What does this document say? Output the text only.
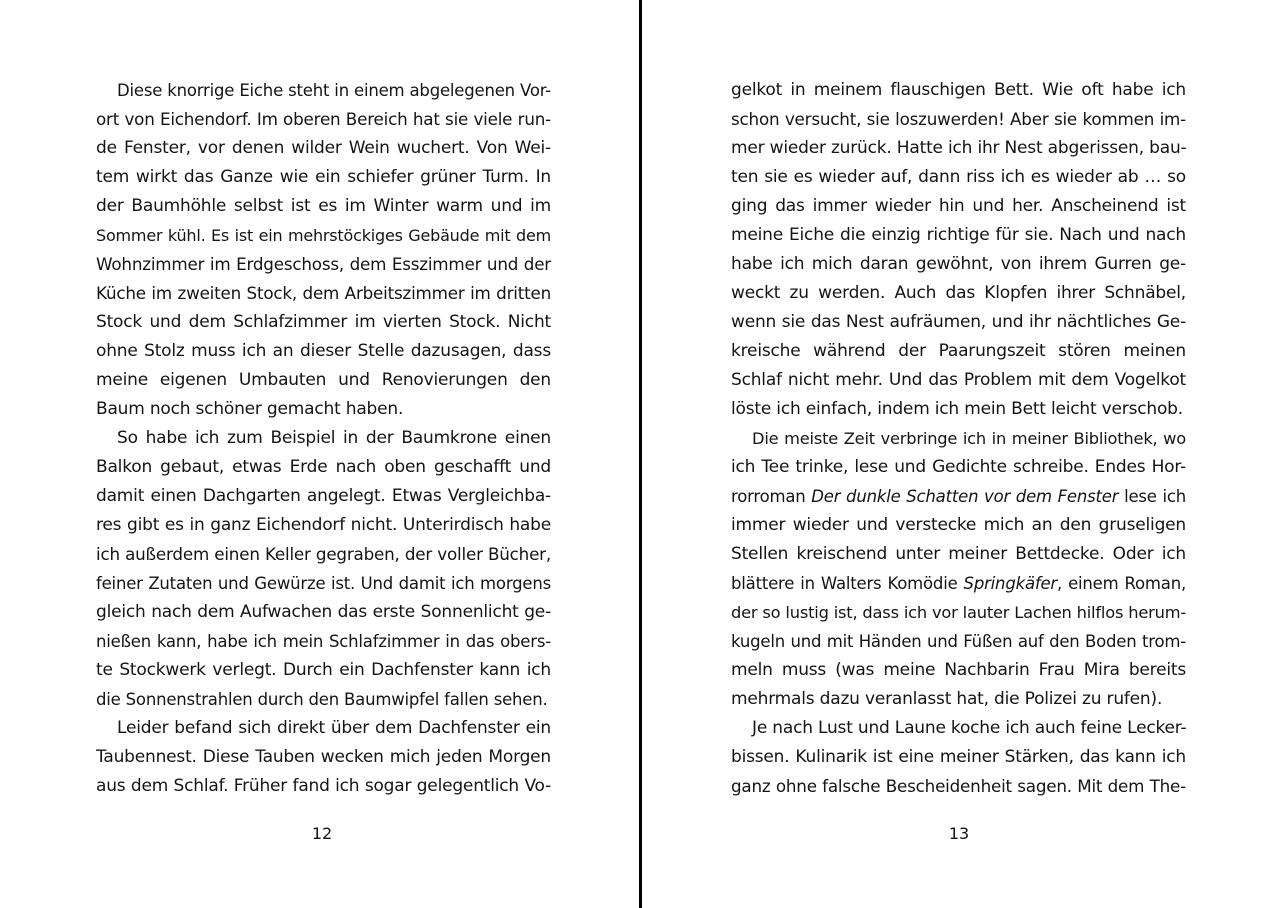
Diese knorrige Eiche steht in einem abgelegenen Vor-
ort von Eichendorf. Im oberen Bereich hat sie viele run-
de Fenster, vor denen wilder Wein wuchert. Von Wei-
tem wirkt das Ganze wie ein schiefer grüner Turm. In
der Baumhöhle selbst ist es im Winter warm und im
Sommer kühl. Es ist ein mehrstöckiges Gebäude mit dem
Wohnzimmer im Erdgeschoss, dem Esszimmer und der
Küche im zweiten Stock, dem Arbeitszimmer im dritten
Stock und dem Schlafzimmer im vierten Stock. Nicht
ohne Stolz muss ich an dieser Stelle dazusagen, dass
meine eigenen Umbauten und Renovierungen den
Baum noch schöner gemacht haben.
So habe ich zum Beispiel in der Baumkrone einen
Balkon gebaut, etwas Erde nach oben geschafft und
damit einen Dachgarten angelegt. Etwas Vergleichba-
res gibt es in ganz Eichendorf nicht. Unterirdisch habe
ich außerdem einen Keller gegraben, der voller Bücher,
feiner Zutaten und Gewürze ist. Und damit ich morgens
gleich nach dem Aufwachen das erste Sonnenlicht ge-
nießen kann, habe ich mein Schlafzimmer in das obers-
te Stockwerk verlegt. Durch ein Dachfenster kann ich
die Sonnenstrahlen durch den Baumwipfel fallen sehen.
Leider befand sich direkt über dem Dachfenster ein
Taubennest. Diese Tauben wecken mich jeden Morgen
aus dem Schlaf. Früher fand ich sogar gelegentlich Vo-
12
gelkot in meinem flauschigen Bett. Wie oft habe ich
schon versucht, sie loszuwerden! Aber sie kommen im-
mer wieder zurück. Hatte ich ihr Nest abgerissen, bau-
ten sie es wieder auf, dann riss ich es wieder ab … so
ging das immer wieder hin und her. Anscheinend ist
meine Eiche die einzig richtige für sie. Nach und nach
habe ich mich daran gewöhnt, von ihrem Gurren ge-
weckt zu werden. Auch das Klopfen ihrer Schnäbel,
wenn sie das Nest aufräumen, und ihr nächtliches Ge-
kreische während der Paarungszeit stören meinen
Schlaf nicht mehr. Und das Problem mit dem Vogelkot
löste ich einfach, indem ich mein Bett leicht verschob.
Die meiste Zeit verbringe ich in meiner Bibliothek, wo
ich Tee trinke, lese und Gedichte schreibe. Endes Hor-
rorroman Der dunkle Schatten vor dem Fenster lese ich
immer wieder und verstecke mich an den gruseligen
Stellen kreischend unter meiner Bettdecke. Oder ich
blättere in Walters Komödie Springkäfer, einem Roman,
der so lustig ist, dass ich vor lauter Lachen hilflos herum-
kugeln und mit Händen und Füßen auf den Boden trom-
meln muss (was meine Nachbarin Frau Mira bereits
mehrmals dazu veranlasst hat, die Polizei zu rufen).
Je nach Lust und Laune koche ich auch feine Lecker-
bissen. Kulinarik ist eine meiner Stärken, das kann ich
ganz ohne falsche Bescheidenheit sagen. Mit dem The-
13
